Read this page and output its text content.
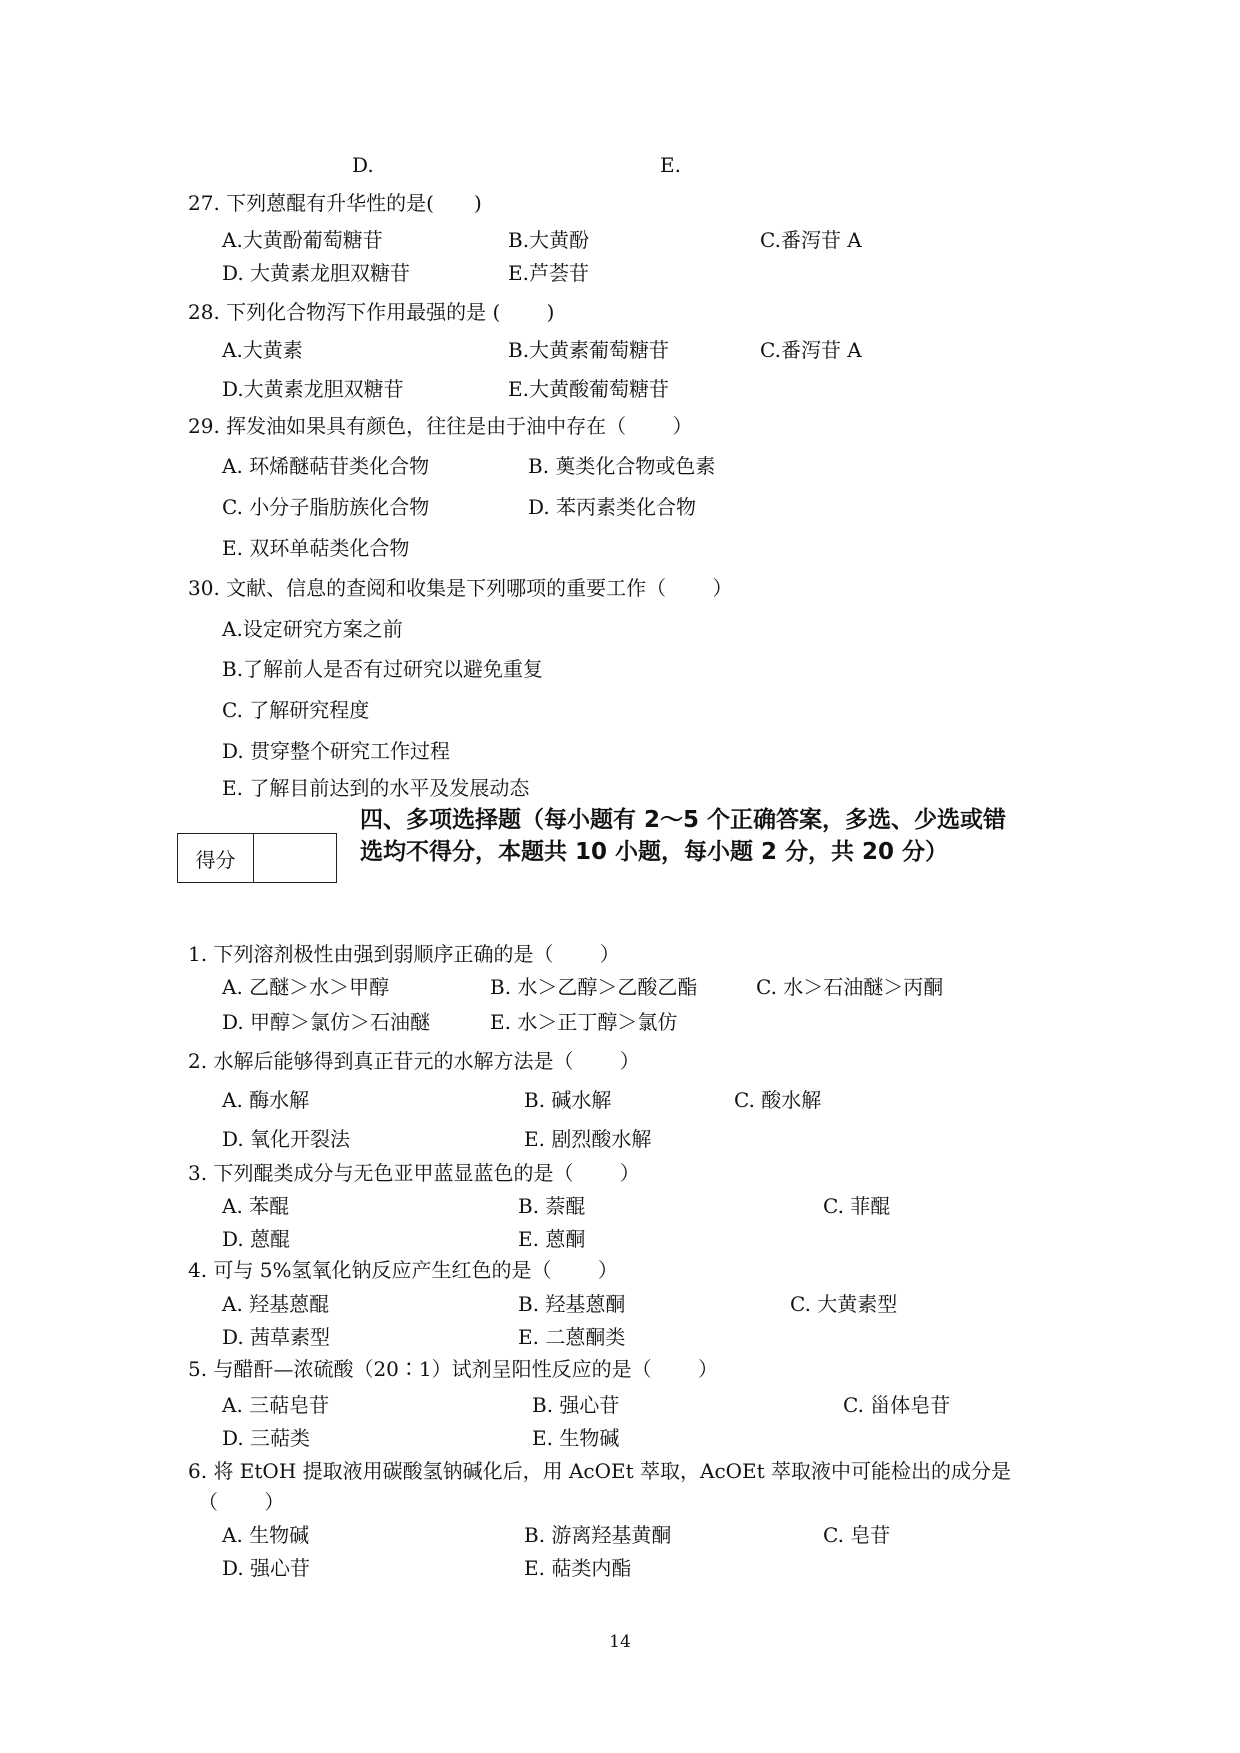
D.	E.
27. 下列蒽醌有升华性的是(　　)
A.大黄酚葡萄糖苷	B.大黄酚	C.番泻苷 A
D. 大黄素龙胆双糖苷	E.芦荟苷
28. 下列化合物泻下作用最强的是 (　　 )
A.大黄素	B.大黄素葡萄糖苷	C.番泻苷 A
D.大黄素龙胆双糖苷	E.大黄酸葡萄糖苷
29. 挥发油如果具有颜色，往往是由于油中存在（　　 ）
A. 环烯醚萜苷类化合物	B. 薁类化合物或色素
C. 小分子脂肪族化合物	D. 苯丙素类化合物
E. 双环单萜类化合物
30. 文献、信息的查阅和收集是下列哪项的重要工作（　　 ）
A.设定研究方案之前
B.了解前人是否有过研究以避免重复
C. 了解研究程度
D. 贯穿整个研究工作过程
E. 了解目前达到的水平及发展动态
得分
四、多项选择题（每小题有 2～5 个正确答案，多选、少选或错
选均不得分，本题共 10 小题，每小题 2 分，共 20 分）
1. 下列溶剂极性由强到弱顺序正确的是（　　 ）
A. 乙醚＞水＞甲醇	B. 水＞乙醇＞乙酸乙酯	C. 水＞石油醚＞丙酮
D. 甲醇＞氯仿＞石油醚	E. 水＞正丁醇＞氯仿
2. 水解后能够得到真正苷元的水解方法是（　　 ）
A. 酶水解	B. 碱水解	C. 酸水解
D. 氧化开裂法	E. 剧烈酸水解
3. 下列醌类成分与无色亚甲蓝显蓝色的是（　　 ）
A. 苯醌	B. 萘醌	C. 菲醌
D. 蒽醌	E. 蒽酮
4. 可与 5%氢氧化钠反应产生红色的是（　　 ）
A. 羟基蒽醌	B. 羟基蒽酮	C. 大黄素型
D. 茜草素型	E. 二蒽酮类
5. 与醋酐—浓硫酸（20∶1）试剂呈阳性反应的是（　　 ）
A. 三萜皂苷	B. 强心苷	C. 甾体皂苷
D. 三萜类	E. 生物碱
6. 将 EtOH 提取液用碳酸氢钠碱化后，用 AcOEt 萃取，AcOEt 萃取液中可能检出的成分是
（　　 ）
A. 生物碱	B. 游离羟基黄酮	C. 皂苷
D. 强心苷	E. 萜类内酯
14
